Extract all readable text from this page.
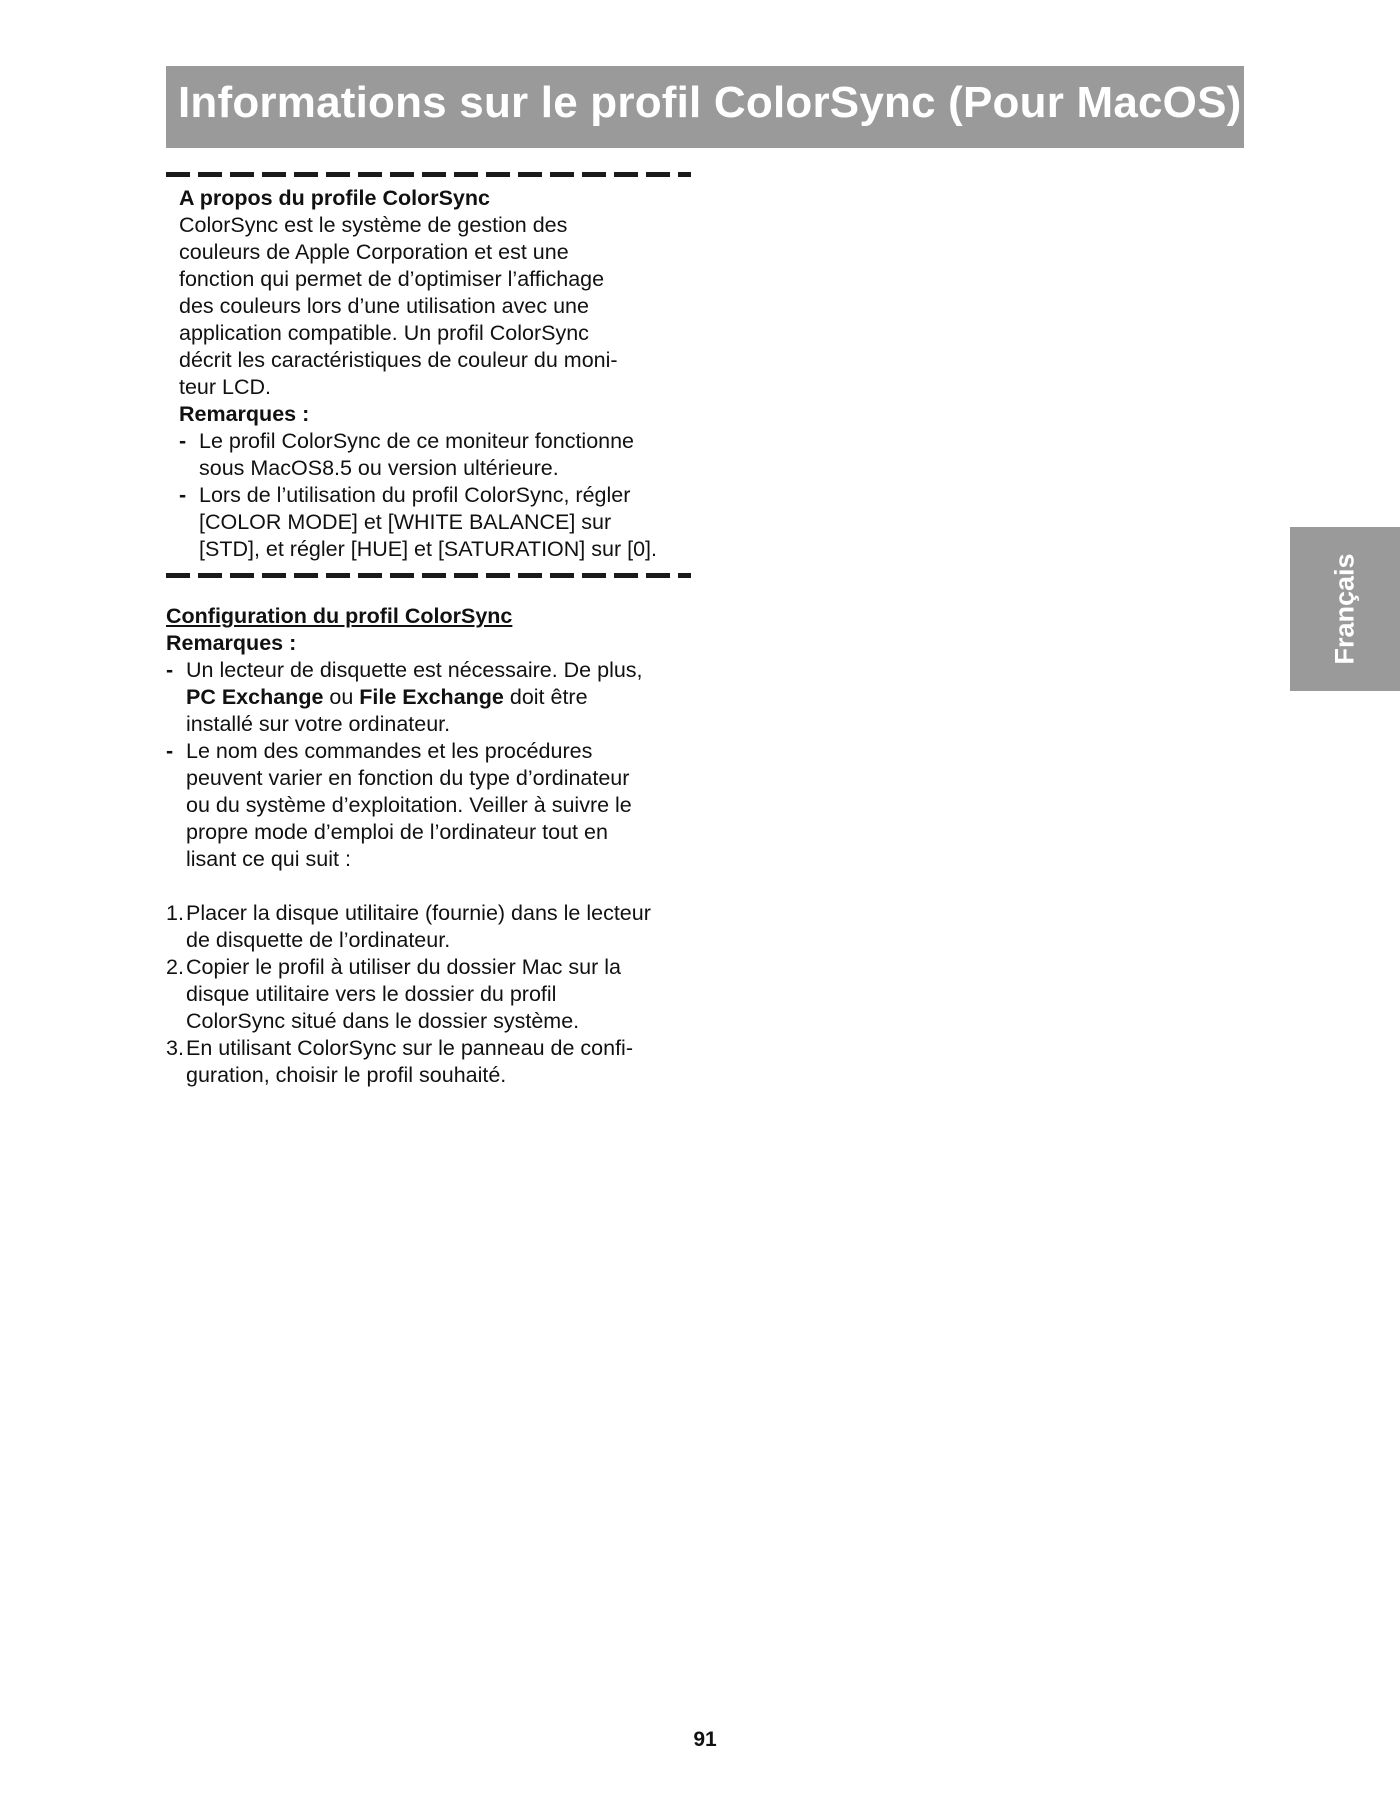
Informations sur le profil ColorSync (Pour MacOS)
Français
A propos du profile ColorSync
ColorSync est le système de gestion des
couleurs de Apple Corporation et est une
fonction qui permet de d’optimiser l’affichage
des couleurs lors d’une utilisation avec une
application compatible. Un profil ColorSync
décrit les caractéristiques de couleur du moni-
teur LCD.
Remarques :
- Le profil ColorSync de ce moniteur fonctionne
sous MacOS8.5 ou version ultérieure.
- Lors de l’utilisation du profil ColorSync, régler
[COLOR MODE] et [WHITE BALANCE] sur
[STD], et régler [HUE] et [SATURATION] sur [0].
Configuration du profil ColorSync
Remarques :
- Un lecteur de disquette est nécessaire. De plus,
PC Exchange ou File Exchange doit être
installé sur votre ordinateur.
- Le nom des commandes et les procédures
peuvent varier en fonction du type d’ordinateur
ou du système d’exploitation. Veiller à suivre le
propre mode d’emploi de l’ordinateur tout en
lisant ce qui suit :
1. Placer la disque utilitaire (fournie) dans le lecteur
de disquette de l’ordinateur.
2. Copier le profil à utiliser du dossier Mac sur la
disque utilitaire vers le dossier du profil
ColorSync situé dans le dossier système.
3. En utilisant ColorSync sur le panneau de confi-
guration, choisir le profil souhaité.
91
